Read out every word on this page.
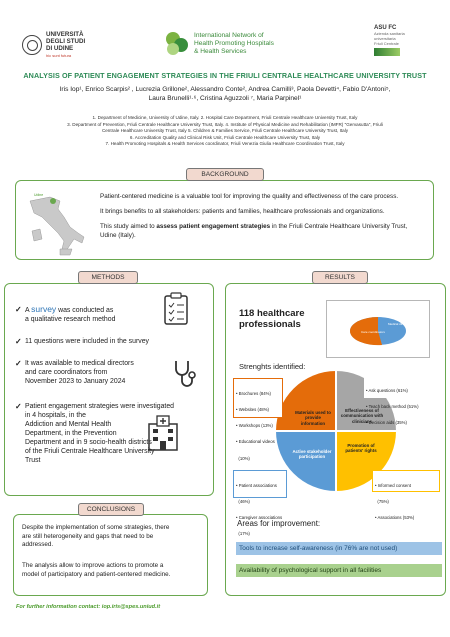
UNIVERSITÀ
DEGLI STUDI
DI UDINE
hic sunt futura
International Network of
Health Promoting Hospitals
& Health Services
ASU FC
Azienda sanitaria
universitaria
Friuli Centrale
ANALYSIS OF PATIENT ENGAGEMENT STRATEGIES IN THE FRIULI CENTRALE HEALTHCARE UNIVERSITY TRUST
Iris Iop¹, Enrico Scarpis² , Lucrezia Grillone², Alessandro Conte², Andrea Camilli³, Paola Devetti⁴, Fabio D'Antoni⁵,
Laura Brunelli¹·⁶, Cristina Aguzzoli ⁷, Maria Parpinel¹
1. Department of Medicine, University of Udine, Italy. 2. Hospital Care Department, Friuli Centrale Healthcare University Trust, Italy
3. Department of Prevention, Friuli Centrale Healthcare University Trust, Italy. 4. Institute of Physical Medicine and Rehabilitation (IMFR) "Gervasutta", Friuli
Centrale Healthcare University Trust, Italy 5. Children & Families Service, Friuli Centrale Healthcare University Trust, Italy
6. Accreditation Quality and Clinical Risk Unit, Friuli Centrale Healthcare University Trust, Italy
7. Health Promoting Hospitals & Health Services coordinator, Friuli Venezia Giulia Healthcare Coordination Trust, Italy
BACKGROUND
Udine	Patient-centered medicine is a valuable tool for improving the quality and effectiveness of the care process.
It brings benefits to all stakeholders: patients and families, healthcare professionals and organizations.
This study aimed to assess patient engagement strategies in the Friuli Centrale Healthcare University Trust,
Udine (Italy).
METHODS
✓ A survey was conducted as
a qualitative research method
✓ 11 questions were included in the survey
✓ It was available to medical directors
and care coordinators from
November 2023 to January 2024
✓ Patient engagement strategies were investigated
in 4 hospitals, in the
Addiction and Mental Health
Department, in the Prevention
Department and in 9 socio-health districts
of the Friuli Centrale Healthcare University
Trust
RESULTS
118 healthcare
professionals
Care coordinators
Medical directors
Strenghts identified:
Materials used to provide information
Effectiveness of communication with clinicians
Active stakeholder participation
Promotion of patients' rights

• Brochures (84%)

• Websites (48%)

• Workshops (13%)

• Educational videos

(10%)

• Ask questions (61%)

• Teach back method (51%)

• Decision aids (35%)

• Patient associations

(46%)

• Caregiver associations

(17%)

• Informed consent

(75%)

• Associations (53%)

Areas for improvement:
Tools to increase self-awareness (in 76% are not used)
Availability of psychological support in all facilities
CONCLUSIONS
Despite the implementation of some strategies, there
are still heterogeneity and gaps that need to be
addressed.
The analysis allow to improve actions to promote a
model of participatory and patient-centered medicine.
For further information contact: iop.iris@spes.uniud.it
